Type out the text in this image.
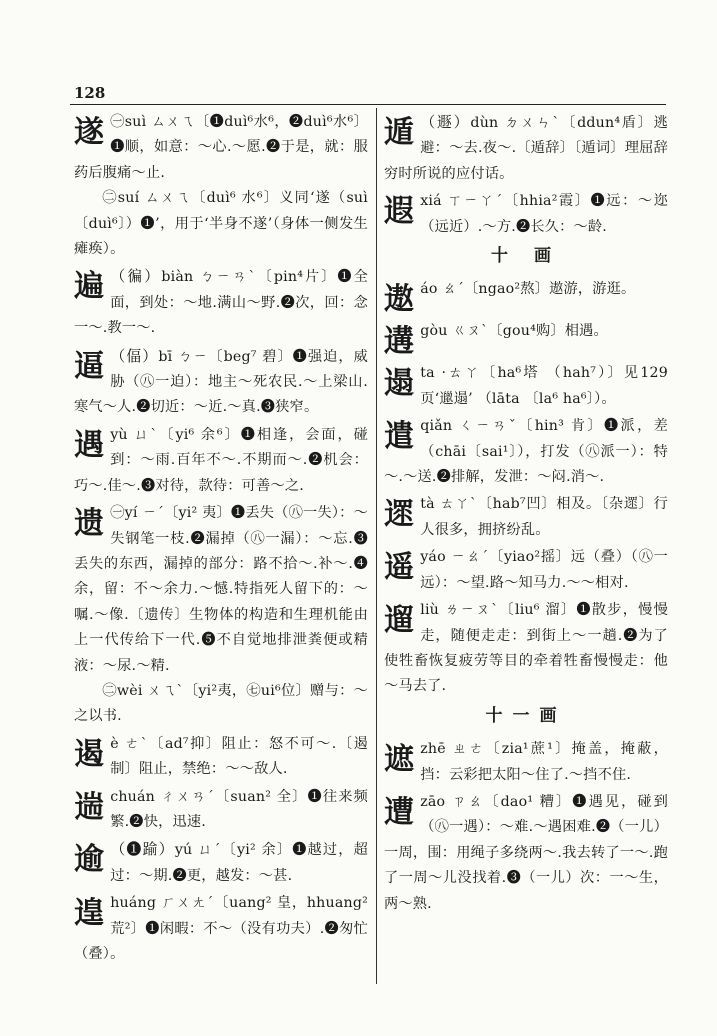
128
遂 ㊀suì ㄙㄨㄟ〔❶duì⁶水⁶，❷duì⁶水⁶〕❶顺，如意：～心.～愿.❷于是，就：服药后腹痛～止.
㊁suí ㄙㄨㄟ〔duì⁶ 水⁶〕义同‘遂（suì〔duì⁶〕）❶’，用于‘半身不遂’（身体一侧发生瘫痪）。
遍 （徧）biàn ㄅㄧㄢˋ〔pin⁴片〕❶全面，到处：～地.满山～野.❷次，回：念一～.教一～.
逼 （偪）bī ㄅㄧ〔beg⁷ 碧〕❶强迫，威胁（㊇一迫）：地主～死农民.～上梁山.寒气～人.❷切近：～近.～真.❸狭窄。
遇yù ㄩˋ〔yi⁶ 余⁶〕❶相逢，会面，碰到：～雨.百年不～.不期而～.❷机会：巧～.佳～.❸对待，款待：可善～之.
遗 ㊀yí ㄧˊ〔yi² 夷〕❶丢失（㊇一失）：～失钢笔一枝.❷漏掉（㊇一漏）：～忘.❸丢失的东西，漏掉的部分：路不拾～.补～.❹余，留：不～余力.～憾.特指死人留下的：～嘱.～像.〔遗传〕生物体的构造和生理机能由上一代传给下一代.❺不自觉地排泄粪便或精液：～尿.～精.
㊁wèi ㄨㄟˋ〔yi²夷，㊆ui⁶位〕赠与：～之以书.
遏è ㄜˋ〔ad⁷抑〕阻止：怒不可～.〔遏制〕阻止，禁绝：～～敌人.
遄chuán ㄔㄨㄢˊ〔suan² 全〕❶往来频繁.❷快，迅速.
逾 （❶踰）yú ㄩˊ〔yi² 余〕❶越过，超过：～期.❷更，越发：～甚.
遑huáng ㄏㄨㄤˊ〔uang² 皇，hhuang²荒²〕❶闲暇：不～（没有功夫）.❷匆忙（叠）。
遁 （遯）dùn ㄉㄨㄣˋ〔ddun⁴盾〕逃避：～去.夜～.〔遁辞〕〔遁词〕理屈辞穷时所说的应付话。
遐xiá ㄒㄧㄚˊ〔hhia²霞〕❶远：～迩（远近）.～方.❷长久：～龄.
十 画
遨áo ㄠˊ〔ngao²熬〕遨游，游逛。
遘gòu ㄍㄡˋ〔gou⁴购〕相遇。
遢ta ·ㄊㄚ〔ha⁶塔 （hah⁷）〕见129页‘邋遢’ （lāta 〔la⁶ ha⁶〕）。
遣qiǎn ㄑㄧㄢˇ〔hin³ 肯〕❶派，差（chāi〔sai¹〕），打发（㊇派一）：特～.～送.❷排解，发泄：～闷.消～.
遝tà ㄊㄚˋ〔hab⁷凹〕相及。〔杂遝〕行人很多，拥挤纷乱。
遥yáo ㄧㄠˊ〔yiao²摇〕远（叠）（㊇一远）：～望.路～知马力.～～相对.
遛liù ㄌㄧㄡˋ〔liu⁶ 溜〕❶散步，慢慢走，随便走走：到街上～一趟.❷为了使牲畜恢复疲劳等目的牵着牲畜慢慢走：他～马去了.
十一画
遮zhē ㄓㄜ〔zia¹蔗¹〕掩盖，掩蔽，挡：云彩把太阳～住了.～挡不住.
遭zāo ㄗㄠ〔dao¹ 糟〕❶遇见，碰到（㊇一遇）：～难.～遇困难.❷（一儿）一周，围：用绳子多绕两～.我去转了一～.跑了一周～儿没找着.❸（一儿）次：一～生，两～熟.
